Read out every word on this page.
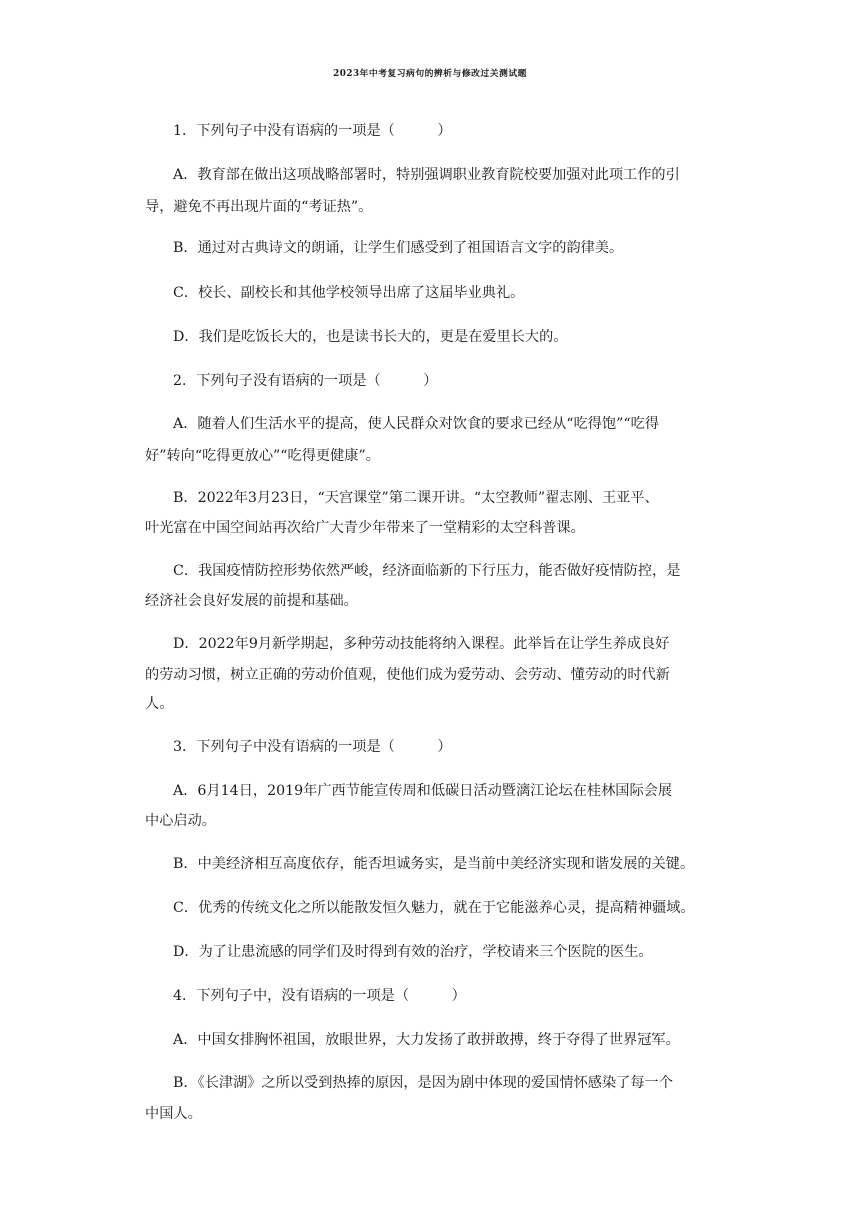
2023年中考复习病句的辨析与修改过关测试题
1．下列句子中没有语病的一项是（　　　）
A．教育部在做出这项战略部署时，特别强调职业教育院校要加强对此项工作的引
导，避免不再出现片面的“考证热”。
B．通过对古典诗文的朗诵，让学生们感受到了祖国语言文字的韵律美。
C．校长、副校长和其他学校领导出席了这届毕业典礼。
D．我们是吃饭长大的，也是读书长大的，更是在爱里长大的。
2．下列句子没有语病的一项是（　　　）
A．随着人们生活水平的提高，使人民群众对饮食的要求已经从“吃得饱”“吃得
好”转向“吃得更放心”“吃得更健康”。
B．2022年3月23日，“天宫课堂”第二课开讲。“太空教师”翟志刚、王亚平、
叶光富在中国空间站再次给广大青少年带来了一堂精彩的太空科普课。
C．我国疫情防控形势依然严峻，经济面临新的下行压力，能否做好疫情防控，是
经济社会良好发展的前提和基础。
D．2022年9月新学期起，多种劳动技能将纳入课程。此举旨在让学生养成良好
的劳动习惯，树立正确的劳动价值观，使他们成为爱劳动、会劳动、懂劳动的时代新
人。
3．下列句子中没有语病的一项是（　　　）
A．6月14日，2019年广西节能宣传周和低碳日活动暨漓江论坛在桂林国际会展
中心启动。
B．中美经济相互高度依存，能否坦诚务实，是当前中美经济实现和谐发展的关键。
C．优秀的传统文化之所以能散发恒久魅力，就在于它能滋养心灵，提高精神疆域。
D．为了让患流感的同学们及时得到有效的治疗，学校请来三个医院的医生。
4．下列句子中，没有语病的一项是（　　　）
A．中国女排胸怀祖国，放眼世界，大力发扬了敢拼敢搏，终于夺得了世界冠军。
B．《长津湖》之所以受到热捧的原因，是因为剧中体现的爱国情怀感染了每一个
中国人。
